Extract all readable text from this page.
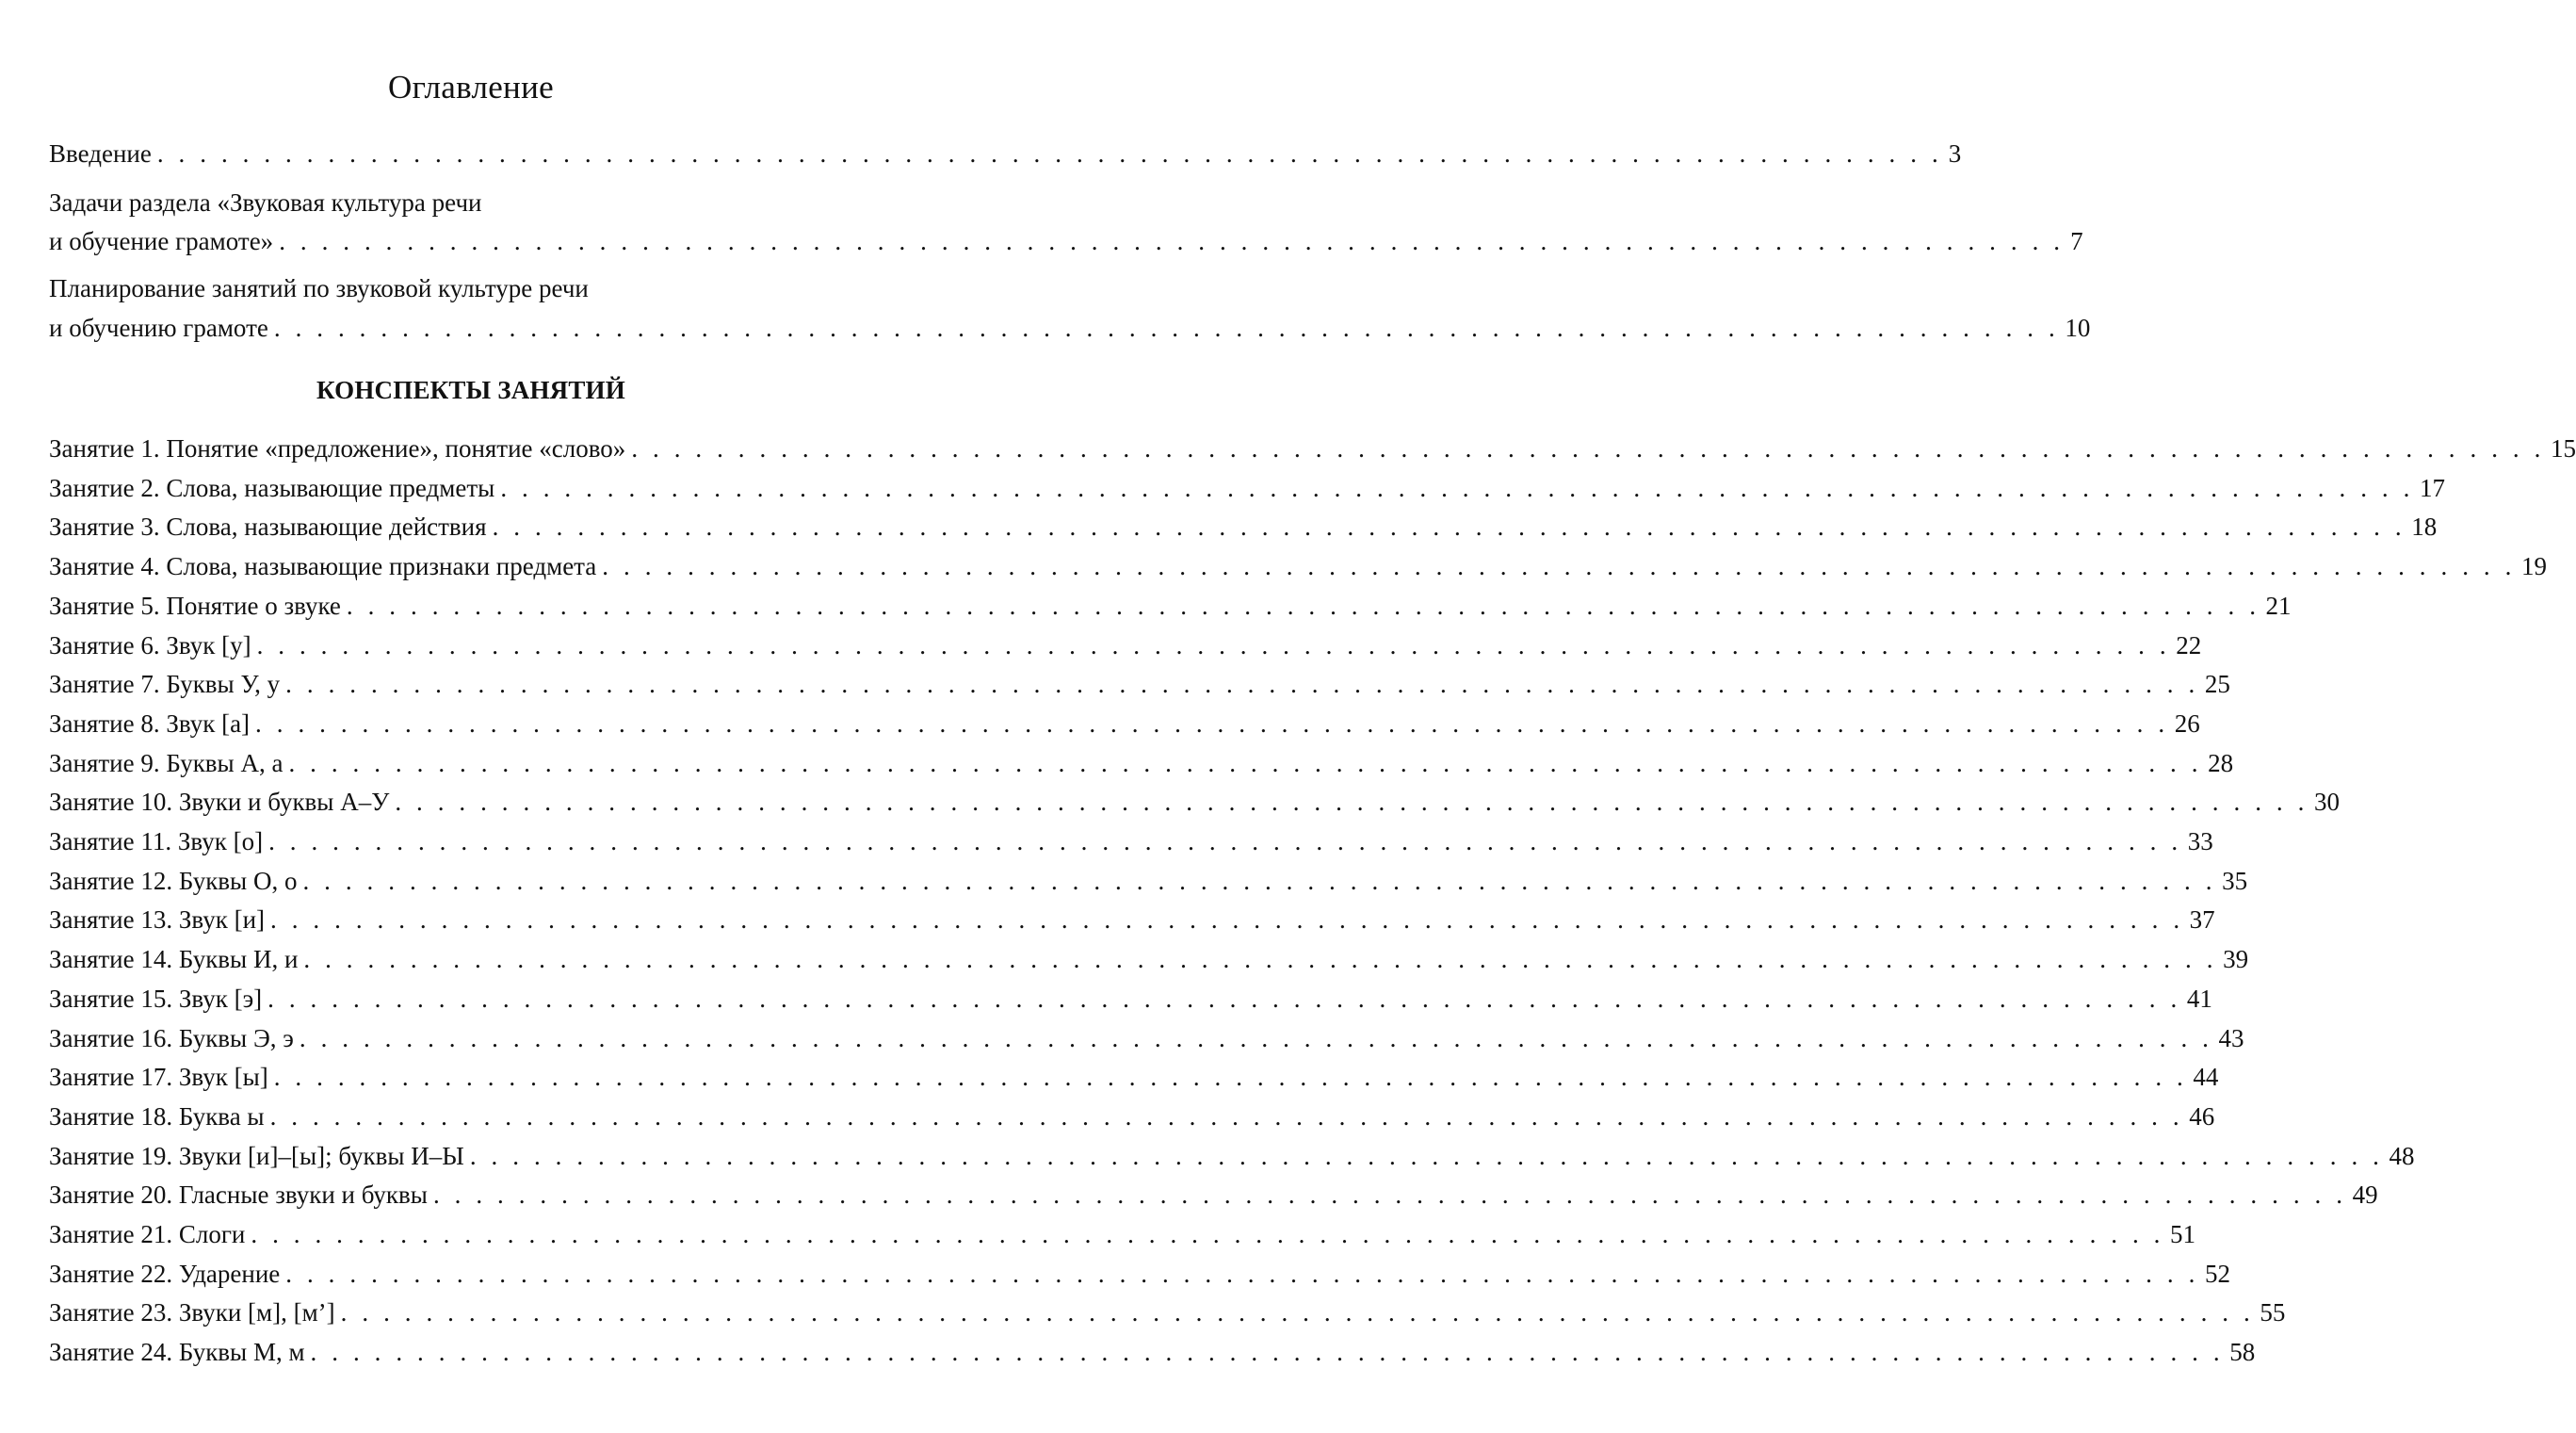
Оглавление
Введение . . . . . . . . . . . . . . . . . . . . . . . . . . . . . . . . . . . . . . . . . . . . . . . . . . . . . . . . . . . . . . . . . . . . . . . . . . . . . . . . . . . . 3
Задачи раздела «Звуковая культура речи
и обучение грамоте» . . . . . . . . . . . . . . . . . . . . . . . . . . . . . . . . . . . . . . . . . . . . . . . . . . . . . . . . . . . . . . . . . . . . . . . . . . . . . . . . . . . . 7
Планирование занятий по звуковой культуре речи
и обучению грамоте . . . . . . . . . . . . . . . . . . . . . . . . . . . . . . . . . . . . . . . . . . . . . . . . . . . . . . . . . . . . . . . . . . . . . . . . . . . . . . . . . . . . 10
КОНСПЕКТЫ ЗАНЯТИЙ
Занятие 1. Понятие «предложение», понятие «слово» . . . . . . . . . . . . . . . . . . . . . . . . . . . . . . . . . . . . . . . . . . . . . . . . . . . . . . . . . . . . . . . . . . . . . . . . . . . . . . . . . . . . . . . . . . 15
Занятие 2. Слова, называющие предметы . . . . . . . . . . . . . . . . . . . . . . . . . . . . . . . . . . . . . . . . . . . . . . . . . . . . . . . . . . . . . . . . . . . . . . . . . . . . . . . . . . . . . . . . . . 17
Занятие 3. Слова, называющие действия . . . . . . . . . . . . . . . . . . . . . . . . . . . . . . . . . . . . . . . . . . . . . . . . . . . . . . . . . . . . . . . . . . . . . . . . . . . . . . . . . . . . . . . . . . 18
Занятие 4. Слова, называющие признаки предмета . . . . . . . . . . . . . . . . . . . . . . . . . . . . . . . . . . . . . . . . . . . . . . . . . . . . . . . . . . . . . . . . . . . . . . . . . . . . . . . . . . . . . . . . . . 19
Занятие 5. Понятие о звуке . . . . . . . . . . . . . . . . . . . . . . . . . . . . . . . . . . . . . . . . . . . . . . . . . . . . . . . . . . . . . . . . . . . . . . . . . . . . . . . . . . . . . . . . . . 21
Занятие 6. Звук [у] . . . . . . . . . . . . . . . . . . . . . . . . . . . . . . . . . . . . . . . . . . . . . . . . . . . . . . . . . . . . . . . . . . . . . . . . . . . . . . . . . . . . . . . . . . 22
Занятие 7. Буквы У, у . . . . . . . . . . . . . . . . . . . . . . . . . . . . . . . . . . . . . . . . . . . . . . . . . . . . . . . . . . . . . . . . . . . . . . . . . . . . . . . . . . . . . . . . . . 25
Занятие 8. Звук [а] . . . . . . . . . . . . . . . . . . . . . . . . . . . . . . . . . . . . . . . . . . . . . . . . . . . . . . . . . . . . . . . . . . . . . . . . . . . . . . . . . . . . . . . . . . 26
Занятие 9. Буквы А, а . . . . . . . . . . . . . . . . . . . . . . . . . . . . . . . . . . . . . . . . . . . . . . . . . . . . . . . . . . . . . . . . . . . . . . . . . . . . . . . . . . . . . . . . . . 28
Занятие 10. Звуки и буквы А–У . . . . . . . . . . . . . . . . . . . . . . . . . . . . . . . . . . . . . . . . . . . . . . . . . . . . . . . . . . . . . . . . . . . . . . . . . . . . . . . . . . . . . . . . . . 30
Занятие 11. Звук [о] . . . . . . . . . . . . . . . . . . . . . . . . . . . . . . . . . . . . . . . . . . . . . . . . . . . . . . . . . . . . . . . . . . . . . . . . . . . . . . . . . . . . . . . . . . 33
Занятие 12. Буквы О, о . . . . . . . . . . . . . . . . . . . . . . . . . . . . . . . . . . . . . . . . . . . . . . . . . . . . . . . . . . . . . . . . . . . . . . . . . . . . . . . . . . . . . . . . . . 35
Занятие 13. Звук [и] . . . . . . . . . . . . . . . . . . . . . . . . . . . . . . . . . . . . . . . . . . . . . . . . . . . . . . . . . . . . . . . . . . . . . . . . . . . . . . . . . . . . . . . . . . 37
Занятие 14. Буквы И, и . . . . . . . . . . . . . . . . . . . . . . . . . . . . . . . . . . . . . . . . . . . . . . . . . . . . . . . . . . . . . . . . . . . . . . . . . . . . . . . . . . . . . . . . . . 39
Занятие 15. Звук [э] . . . . . . . . . . . . . . . . . . . . . . . . . . . . . . . . . . . . . . . . . . . . . . . . . . . . . . . . . . . . . . . . . . . . . . . . . . . . . . . . . . . . . . . . . . 41
Занятие 16. Буквы Э, э . . . . . . . . . . . . . . . . . . . . . . . . . . . . . . . . . . . . . . . . . . . . . . . . . . . . . . . . . . . . . . . . . . . . . . . . . . . . . . . . . . . . . . . . . . 43
Занятие 17. Звук [ы] . . . . . . . . . . . . . . . . . . . . . . . . . . . . . . . . . . . . . . . . . . . . . . . . . . . . . . . . . . . . . . . . . . . . . . . . . . . . . . . . . . . . . . . . . . 44
Занятие 18. Буква ы . . . . . . . . . . . . . . . . . . . . . . . . . . . . . . . . . . . . . . . . . . . . . . . . . . . . . . . . . . . . . . . . . . . . . . . . . . . . . . . . . . . . . . . . . . 46
Занятие 19. Звуки [и]–[ы]; буквы И–Ы . . . . . . . . . . . . . . . . . . . . . . . . . . . . . . . . . . . . . . . . . . . . . . . . . . . . . . . . . . . . . . . . . . . . . . . . . . . . . . . . . . . . . . . . . . 48
Занятие 20. Гласные звуки и буквы . . . . . . . . . . . . . . . . . . . . . . . . . . . . . . . . . . . . . . . . . . . . . . . . . . . . . . . . . . . . . . . . . . . . . . . . . . . . . . . . . . . . . . . . . . 49
Занятие 21. Слоги . . . . . . . . . . . . . . . . . . . . . . . . . . . . . . . . . . . . . . . . . . . . . . . . . . . . . . . . . . . . . . . . . . . . . . . . . . . . . . . . . . . . . . . . . . 51
Занятие 22. Ударение . . . . . . . . . . . . . . . . . . . . . . . . . . . . . . . . . . . . . . . . . . . . . . . . . . . . . . . . . . . . . . . . . . . . . . . . . . . . . . . . . . . . . . . . . . 52
Занятие 23. Звуки [м], [м’] . . . . . . . . . . . . . . . . . . . . . . . . . . . . . . . . . . . . . . . . . . . . . . . . . . . . . . . . . . . . . . . . . . . . . . . . . . . . . . . . . . . . . . . . . . 55
Занятие 24. Буквы М, м . . . . . . . . . . . . . . . . . . . . . . . . . . . . . . . . . . . . . . . . . . . . . . . . . . . . . . . . . . . . . . . . . . . . . . . . . . . . . . . . . . . . . . . . . . 58
